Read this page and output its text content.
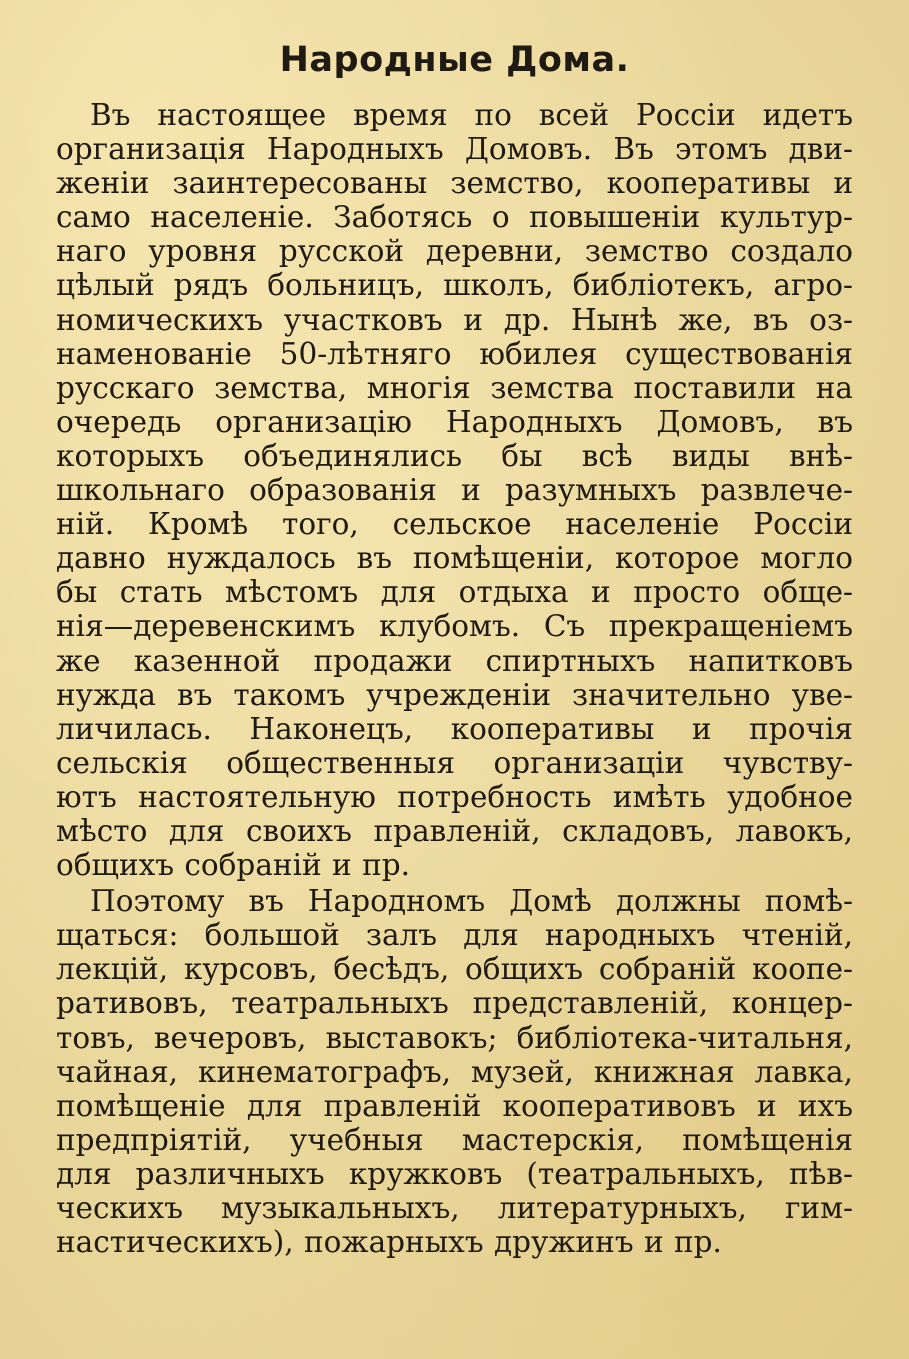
Народные Дома.

Въ настоящее время по всей Россіи идетъ
организація Народныхъ Домовъ. Въ этомъ дви-
женіи заинтересованы земство, кооперативы и
само населеніе. Заботясь о повышеніи культур-
наго уровня русской деревни, земство создало
цѣлый рядъ больницъ, школъ, библіотекъ, агро-
номическихъ участковъ и др. Нынѣ же, въ оз-
наменованіе 50-лѣтняго юбилея существованія
русскаго земства, многія земства поставили на
очередь организацію Народныхъ Домовъ, въ
которыхъ объединялись бы всѣ виды внѣ-
школьнаго образованія и разумныхъ развлече-
ній. Кромѣ того, сельское населеніе Россіи
давно нуждалось въ помѣщеніи, которое могло
бы стать мѣстомъ для отдыха и просто обще-
нія—деревенскимъ клубомъ. Съ прекращеніемъ
же казенной продажи спиртныхъ напитковъ
нужда въ такомъ учрежденіи значительно уве-
личилась. Наконецъ, кооперативы и прочія
сельскія общественныя организаціи чувству-
ютъ настоятельную потребность имѣть удобное
мѣсто для своихъ правленій, складовъ, лавокъ,
общихъ собраній и пр.

Поэтому въ Народномъ Домѣ должны помѣ-
щаться: большой залъ для народныхъ чтеній,
лекцій, курсовъ, бесѣдъ, общихъ собраній коопе-
ративовъ, театральныхъ представленій, концер-
товъ, вечеровъ, выставокъ; библіотека-читальня,
чайная, кинематографъ, музей, книжная лавка,
помѣщеніе для правленій кооперативовъ и ихъ
предпріятій, учебныя мастерскія, помѣщенія
для различныхъ кружковъ (театральныхъ, пѣв-
ческихъ музыкальныхъ, литературныхъ, гим-
настическихъ), пожарныхъ дружинъ и пр.
